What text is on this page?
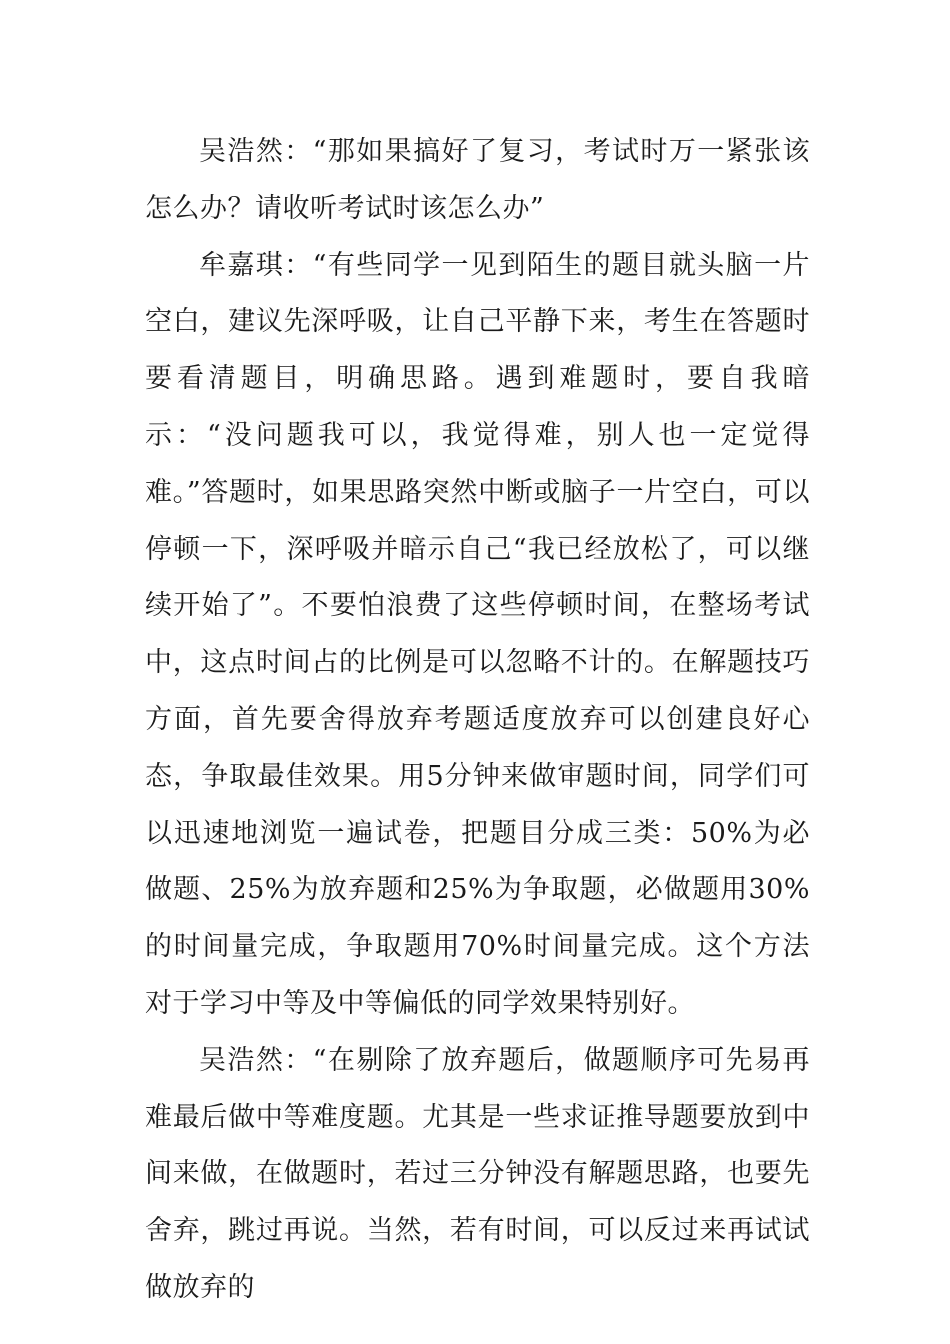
吴浩然：“那如果搞好了复习，考试时万一紧张该怎么办？请收听考试时该怎么办”

牟嘉琪：“有些同学一见到陌生的题目就头脑一片空白，建议先深呼吸，让自己平静下来，考生在答题时要看清题目，明确思路。遇到难题时，要自我暗示：“没问题我可以，我觉得难，别人也一定觉得难。”答题时，如果思路突然中断或脑子一片空白，可以停顿一下，深呼吸并暗示自己“我已经放松了，可以继续开始了”。不要怕浪费了这些停顿时间，在整场考试中，这点时间占的比例是可以忽略不计的。在解题技巧方面，首先要舍得放弃考题适度放弃可以创建良好心态，争取最佳效果。用5分钟来做审题时间，同学们可以迅速地浏览一遍试卷，把题目分成三类：50%为必做题、25%为放弃题和25%为争取题，必做题用30%的时间量完成，争取题用70%时间量完成。这个方法对于学习中等及中等偏低的同学效果特别好。

吴浩然：“在剔除了放弃题后，做题顺序可先易再难最后做中等难度题。尤其是一些求证推导题要放到中间来做，在做题时，若过三分钟没有解题思路，也要先舍弃，跳过再说。当然，若有时间，可以反过来再试试做放弃的
